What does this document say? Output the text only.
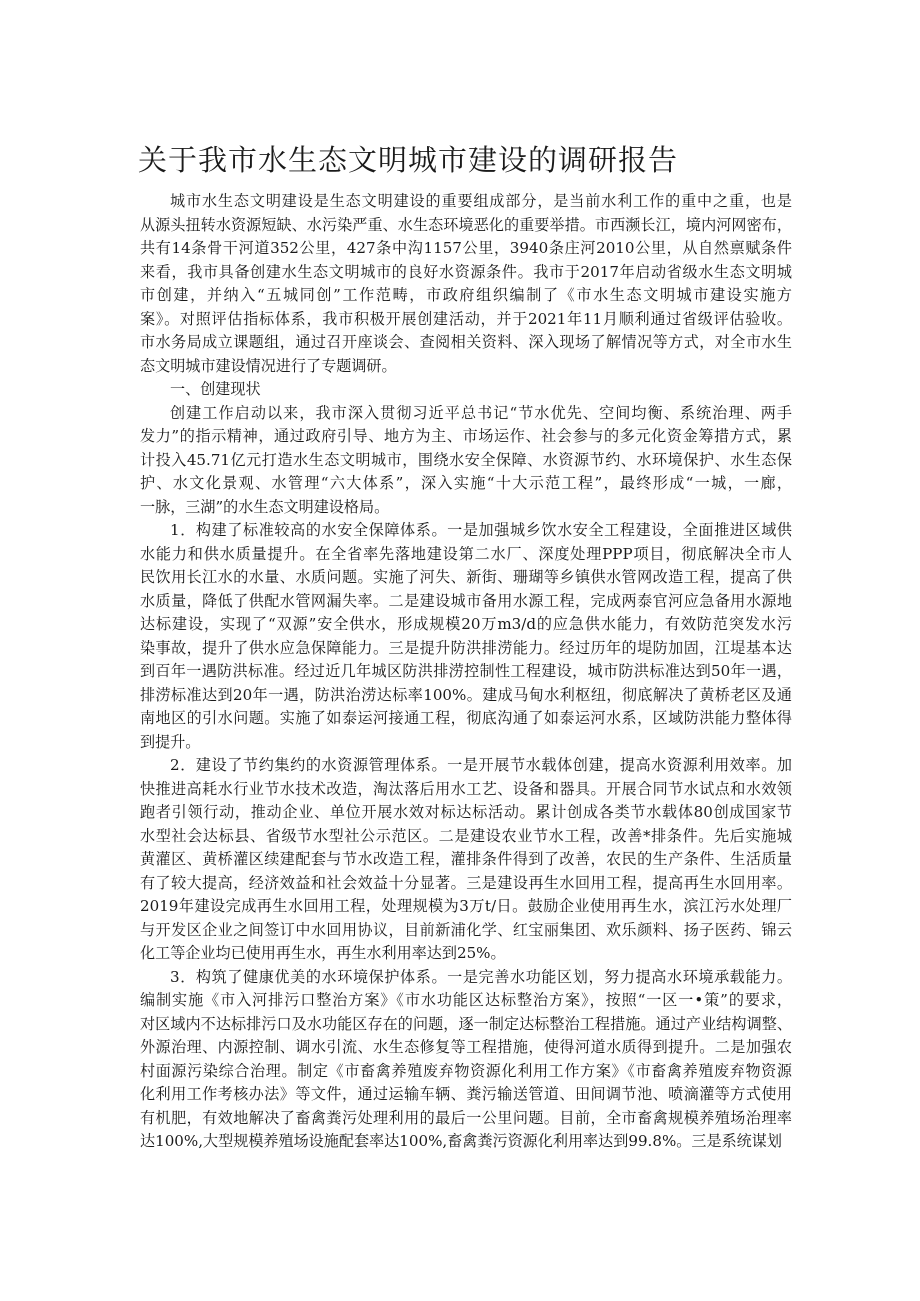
关于我市水生态文明城市建设的调研报告
城市水生态文明建设是生态文明建设的重要组成部分，是当前水利工作的重中之重，也是
从源头扭转水资源短缺、水污染严重、水生态环境恶化的重要举措。市西濒长江，境内河网密布，
共有14条骨干河道352公里，427条中沟1157公里，3940条庄河2010公里，从自然禀赋条件
来看，我市具备创建水生态文明城市的良好水资源条件。我市于2017年启动省级水生态文明城
市创建，并纳入“五城同创”工作范畴，市政府组织编制了《市水生态文明城市建设实施方
案》。对照评估指标体系，我市积极开展创建活动，并于2021年11月顺利通过省级评估验收。
市水务局成立课题组，通过召开座谈会、查阅相关资料、深入现场了解情况等方式，对全市水生
态文明城市建设情况进行了专题调研。
一、创建现状
创建工作启动以来，我市深入贯彻习近平总书记“节水优先、空间均衡、系统治理、两手
发力”的指示精神，通过政府引导、地方为主、市场运作、社会参与的多元化资金筹措方式，累
计投入45.71亿元打造水生态文明城市，围绕水安全保障、水资源节约、水环境保护、水生态保
护、水文化景观、水管理“六大体系”，深入实施“十大示范工程”，最终形成“一城，一廊，
一脉，三湖”的水生态文明建设格局。
1．构建了标准较高的水安全保障体系。一是加强城乡饮水安全工程建设，全面推进区域供
水能力和供水质量提升。在全省率先落地建设第二水厂、深度处理PPP项目，彻底解决全市人
民饮用长江水的水量、水质问题。实施了河失、新街、珊瑚等乡镇供水管网改造工程，提高了供
水质量，降低了供配水管网漏失率。二是建设城市备用水源工程，完成两泰官河应急备用水源地
达标建设，实现了“双源”安全供水，形成规模20万m3∕d的应急供水能力，有效防范突发水污
染事故，提升了供水应急保障能力。三是提升防洪排涝能力。经过历年的堤防加固，江堤基本达
到百年一遇防洪标准。经过近几年城区防洪排涝控制性工程建设，城市防洪标准达到50年一遇，
排涝标准达到20年一遇，防洪治涝达标率100%。建成马甸水利枢纽，彻底解决了黄桥老区及通
南地区的引水问题。实施了如泰运河接通工程，彻底沟通了如泰运河水系，区域防洪能力整体得
到提升。
2．建设了节约集约的水资源管理体系。一是开展节水载体创建，提高水资源利用效率。加
快推进高耗水行业节水技术改造，淘汰落后用水工艺、设备和器具。开展合同节水试点和水效领
跑者引领行动，推动企业、单位开展水效对标达标活动。累计创成各类节水载体80创成国家节
水型社会达标县、省级节水型社公示范区。二是建设农业节水工程，改善*排条件。先后实施城
黄灌区、黄桥灌区续建配套与节水改造工程，灌排条件得到了改善，农民的生产条件、生活质量
有了较大提高，经济效益和社会效益十分显著。三是建设再生水回用工程，提高再生水回用率。
2019年建设完成再生水回用工程，处理规模为3万t∕日。鼓励企业使用再生水，滨江污水处理厂
与开发区企业之间签订中水回用协议，目前新浦化学、红宝丽集团、欢乐颜料、扬子医药、锦云
化工等企业均已使用再生水，再生水利用率达到25%。
3．构筑了健康优美的水环境保护体系。一是完善水功能区划，努力提高水环境承载能力。
编制实施《市入河排污口整治方案》《市水功能区达标整治方案》，按照“一区一•策”的要求，
对区域内不达标排污口及水功能区存在的问题，逐一制定达标整治工程措施。通过产业结构调整、
外源治理、内源控制、调水引流、水生态修复等工程措施，使得河道水质得到提升。二是加强农
村面源污染综合治理。制定《市畜禽养殖废弃物资源化利用工作方案》《市畜禽养殖废弃物资源
化利用工作考核办法》等文件，通过运输车辆、粪污输送管道、田间调节池、喷滴灌等方式使用
有机肥，有效地解决了畜禽粪污处理利用的最后一公里问题。目前，全市畜禽规模养殖场治理率
达100%,大型规模养殖场设施配套率达100%,畜禽粪污资源化利用率达到99.8%。三是系统谋划
